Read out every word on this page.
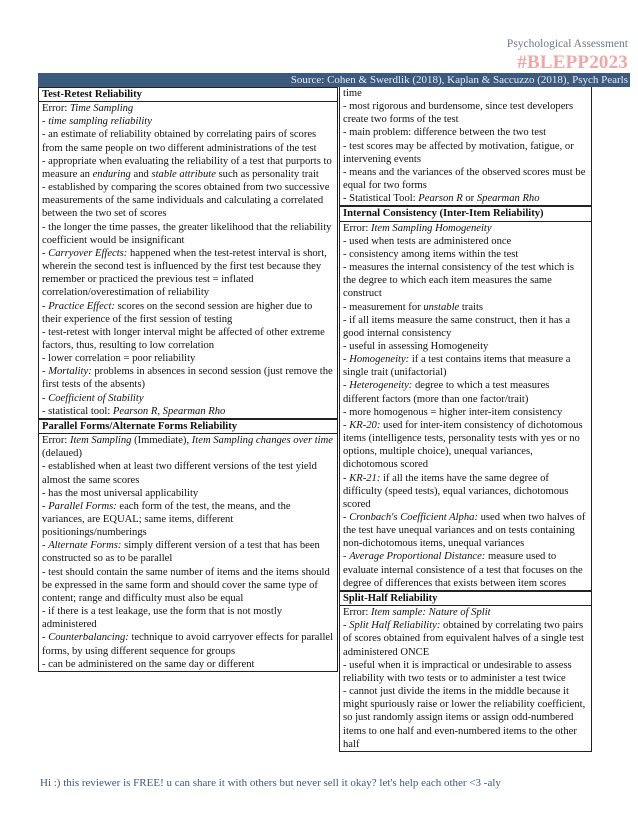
Psychological Assessment
#BLEPP2023
Source: Cohen & Swerdlik (2018), Kaplan & Saccuzzo (2018), Psych Pearls
Test-Retest Reliability

Error: Time Sampling

- time sampling reliability

- an estimate of reliability obtained by correlating pairs of scores from the same people on two different administrations of the test

- appropriate when evaluating the reliability of a test that purports to measure an enduring and stable attribute such as personality trait

- established by comparing the scores obtained from two successive measurements of the same individuals and calculating a correlated between the two set of scores

- the longer the time passes, the greater likelihood that the reliability coefficient would be insignificant

- Carryover Effects: happened when the test-retest interval is short, wherein the second test is influenced by the first test because they remember or practiced the previous test = inflated correlation/overestimation of reliability

- Practice Effect: scores on the second session are higher due to their experience of the first session of testing

- test-retest with longer interval might be affected of other extreme factors, thus, resulting to low correlation

- lower correlation = poor reliability

- Mortality: problems in absences in second session (just remove the first tests of the absents)

- Coefficient of Stability

- statistical tool: Pearson R, Spearman Rho

Parallel Forms/Alternate Forms Reliability

Error: Item Sampling (Immediate), Item Sampling changes over time (delaued)

- established when at least two different versions of the test yield almost the same scores

- has the most universal applicability

- Parallel Forms: each form of the test, the means, and the variances, are EQUAL; same items, different positionings/numberings

- Alternate Forms: simply different version of a test that has been constructed so as to be parallel

- test should contain the same number of items and the items should be expressed in the same form and should cover the same type of content; range and difficulty must also be equal

- if there is a test leakage, use the form that is not mostly administered

- Counterbalancing: technique to avoid carryover effects for parallel forms, by using different sequence for groups

- can be administered on the same day or different

time

- most rigorous and burdensome, since test developers create two forms of the test

- main problem: difference between the two test

- test scores may be affected by motivation, fatigue, or intervening events

- means and the variances of the observed scores must be equal for two forms

- Statistical Tool: Pearson R or Spearman Rho

Internal Consistency (Inter-Item Reliability)

Error: Item Sampling Homogeneity

- used when tests are administered once

- consistency among items within the test

- measures the internal consistency of the test which is the degree to which each item measures the same construct

- measurement for unstable traits

- if all items measure the same construct, then it has a good internal consistency

- useful in assessing Homogeneity

- Homogeneity: if a test contains items that measure a single trait (unifactorial)

- Heterogeneity: degree to which a test measures different factors (more than one factor/trait)

- more homogenous = higher inter-item consistency

- KR-20: used for inter-item consistency of dichotomous items (intelligence tests, personality tests with yes or no options, multiple choice), unequal variances, dichotomous scored

- KR-21: if all the items have the same degree of difficulty (speed tests), equal variances, dichotomous scored

- Cronbach's Coefficient Alpha: used when two halves of the test have unequal variances and on tests containing non-dichotomous items, unequal variances

- Average Proportional Distance: measure used to evaluate internal consistence of a test that focuses on the degree of differences that exists between item scores

Split-Half Reliability

Error: Item sample: Nature of Split

- Split Half Reliability: obtained by correlating two pairs of scores obtained from equivalent halves of a single test administered ONCE

- useful when it is impractical or undesirable to assess reliability with two tests or to administer a test twice

- cannot just divide the items in the middle because it might spuriously raise or lower the reliability coefficient, so just randomly assign items or assign odd-numbered items to one half and even-numbered items to the other half

Hi :) this reviewer is FREE! u can share it with others but never sell it okay? let's help each other <3 -aly
